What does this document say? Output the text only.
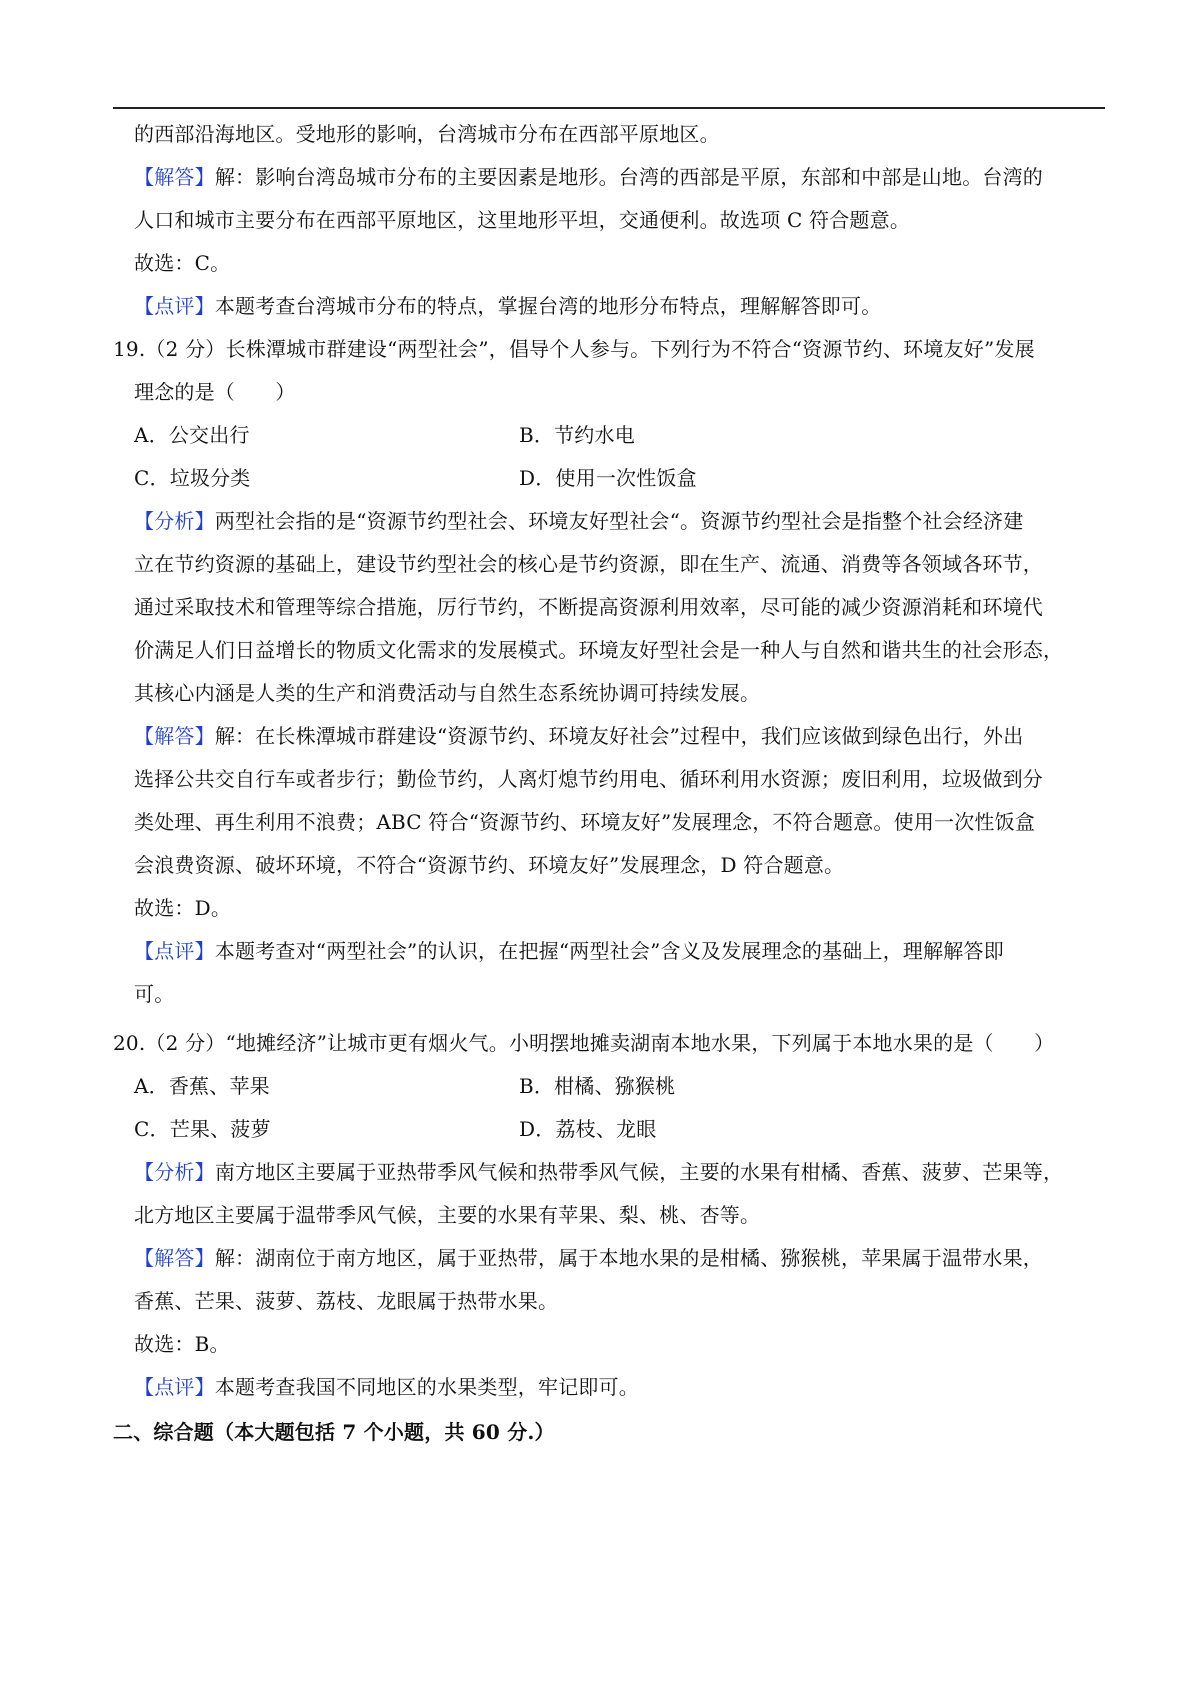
的西部沿海地区。受地形的影响，台湾城市分布在西部平原地区。
【解答】解：影响台湾岛城市分布的主要因素是地形。台湾的西部是平原，东部和中部是山地。台湾的
人口和城市主要分布在西部平原地区，这里地形平坦，交通便利。故选项 C 符合题意。
故选：C。
【点评】本题考查台湾城市分布的特点，掌握台湾的地形分布特点，理解解答即可。
19.（2 分）长株潭城市群建设“两型社会”，倡导个人参与。下列行为不符合“资源节约、环境友好”发展
理念的是（　　）
A．公交出行	B．节约水电
C．垃圾分类	D．使用一次性饭盒
【分析】两型社会指的是“资源节约型社会、环境友好型社会“。资源节约型社会是指整个社会经济建
立在节约资源的基础上，建设节约型社会的核心是节约资源，即在生产、流通、消费等各领域各环节，
通过采取技术和管理等综合措施，厉行节约，不断提高资源利用效率，尽可能的减少资源消耗和环境代
价满足人们日益增长的物质文化需求的发展模式。环境友好型社会是一种人与自然和谐共生的社会形态，
其核心内涵是人类的生产和消费活动与自然生态系统协调可持续发展。
【解答】解：在长株潭城市群建设“资源节约、环境友好社会”过程中，我们应该做到绿色出行，外出
选择公共交自行车或者步行；勤俭节约，人离灯熄节约用电、循环利用水资源；废旧利用，垃圾做到分
类处理、再生利用不浪费；ABC 符合“资源节约、环境友好”发展理念，不符合题意。使用一次性饭盒
会浪费资源、破坏环境，不符合“资源节约、环境友好”发展理念，D 符合题意。
故选：D。
【点评】本题考查对“两型社会”的认识，在把握“两型社会”含义及发展理念的基础上，理解解答即
可。
20.（2 分）“地摊经济”让城市更有烟火气。小明摆地摊卖湖南本地水果，下列属于本地水果的是（　　）
A．香蕉、苹果	B．柑橘、猕猴桃
C．芒果、菠萝	D．荔枝、龙眼
【分析】南方地区主要属于亚热带季风气候和热带季风气候，主要的水果有柑橘、香蕉、菠萝、芒果等，
北方地区主要属于温带季风气候，主要的水果有苹果、梨、桃、杏等。
【解答】解：湖南位于南方地区，属于亚热带，属于本地水果的是柑橘、猕猴桃，苹果属于温带水果，
香蕉、芒果、菠萝、荔枝、龙眼属于热带水果。
故选：B。
【点评】本题考查我国不同地区的水果类型，牢记即可。
二、综合题（本大题包括 7 个小题，共 60 分.）
